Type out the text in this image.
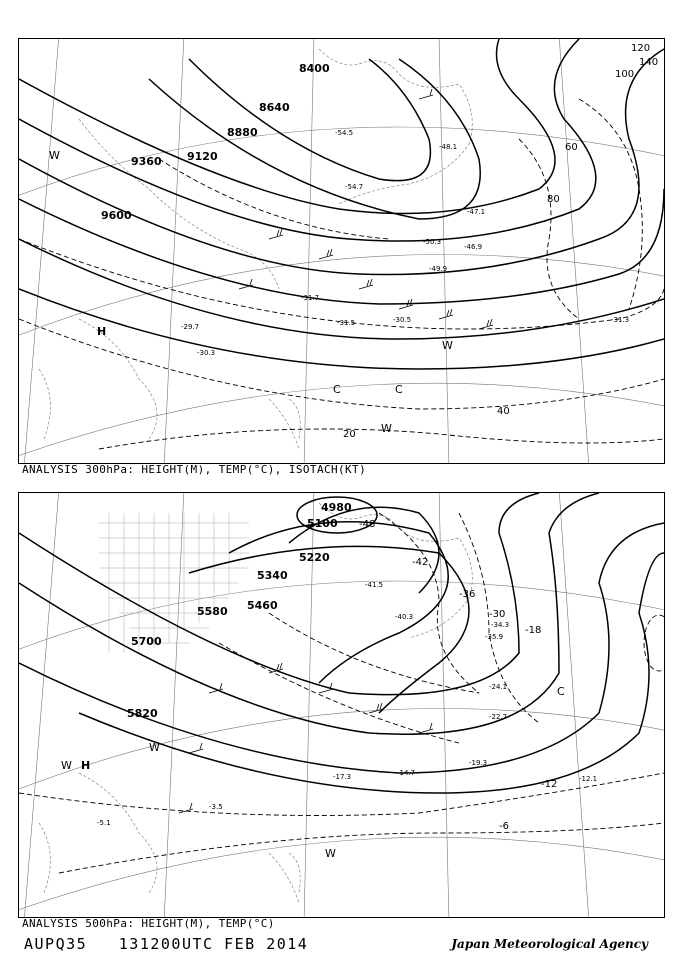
8400
8640
8880
9120
9360
9600
120
140
100
80
60
40
20
-54.5
-54.7
-48.1
-47.1
-50.3
-49.9
-46.9
-31.7
-31.5	-30.5	-31.3
-29.7
-30.3
H
C	C
W
W
W
ANALYSIS 300hPa: HEIGHT(M), TEMP(°C), ISOTACH(KT)
4980
5100
5220
5340
5460
5580
5700
5820
-48
-42
-36
-30
-18
-12
-6
-41.5
-40.3
-34.3
-35.9
-24.1
-22.7
-19.3
-14.7
-12.1
-17.3
-5.1
-3.5
H
W
W
W
C
ANALYSIS 500hPa: HEIGHT(M), TEMP(°C)
AUPQ35 131200UTC FEB 2014	Japan Meteorological Agency
